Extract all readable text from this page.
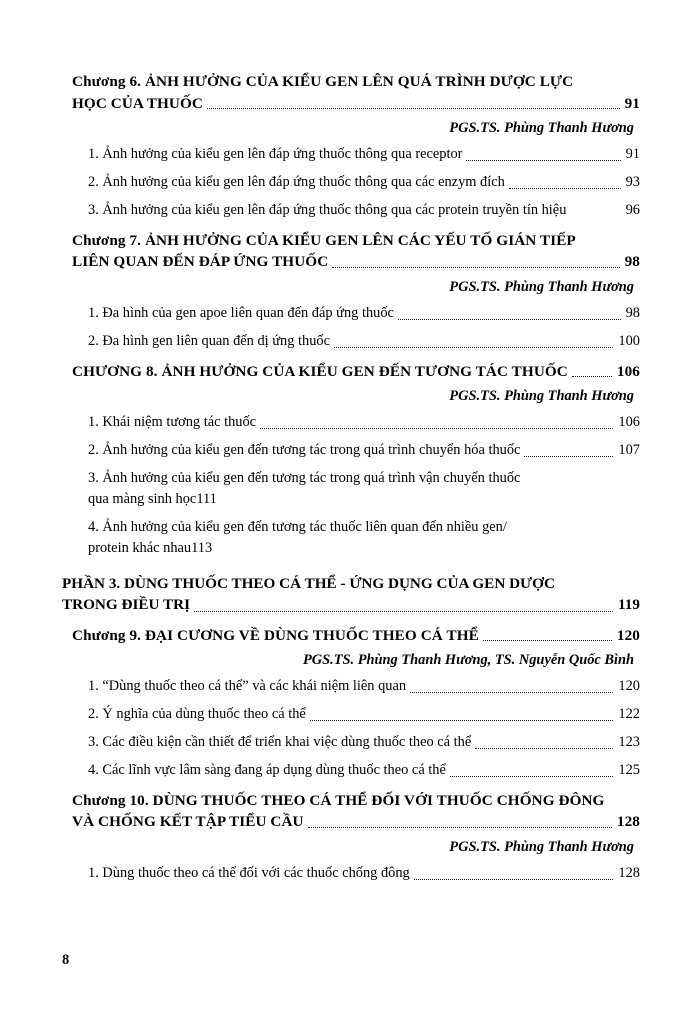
Chương 6. ẢNH HƯỞNG CỦA KIỂU GEN LÊN QUÁ TRÌNH DƯỢC LỰC
HỌC CỦA THUỐC	91
PGS.TS. Phùng Thanh Hương
1. Ảnh hưởng của kiểu gen lên đáp ứng thuốc thông qua receptor	91
2. Ảnh hưởng của kiểu gen lên đáp ứng thuốc thông qua các enzym đích	93
3. Ảnh hưởng của kiểu gen lên đáp ứng thuốc thông qua các protein truyền tín hiệu	96
Chương 7. ẢNH HƯỞNG CỦA KIỂU GEN LÊN CÁC YẾU TỐ GIÁN TIẾP
LIÊN QUAN ĐẾN ĐÁP ỨNG THUỐC	98
PGS.TS. Phùng Thanh Hương
1. Đa hình của gen apoe liên quan đến đáp ứng thuốc	98
2. Đa hình gen liên quan đến dị ứng thuốc	100
CHƯƠNG 8. ẢNH HƯỞNG CỦA KIỂU GEN ĐẾN TƯƠNG TÁC THUỐC	106
PGS.TS. Phùng Thanh Hương
1. Khái niệm tương tác thuốc	106
2. Ảnh hưởng của kiểu gen đến tương tác trong quá trình chuyển hóa thuốc	107
3. Ảnh hưởng của kiểu gen đến tương tác trong quá trình vận chuyển thuốc
qua màng sinh học 111
4. Ảnh hưởng của kiểu gen đến tương tác thuốc liên quan đến nhiều gen/
protein khác nhau 113
PHẦN 3. DÙNG THUỐC THEO CÁ THỂ - ỨNG DỤNG CỦA GEN DƯỢC
TRONG ĐIỀU TRỊ	119
Chương 9. ĐẠI CƯƠNG VỀ DÙNG THUỐC THEO CÁ THỂ	120
PGS.TS. Phùng Thanh Hương, TS. Nguyễn Quốc Bình
1. “Dùng thuốc theo cá thể” và các khái niệm liên quan	120
2. Ý nghĩa của dùng thuốc theo cá thể	122
3. Các điều kiện cần thiết để triển khai việc dùng thuốc theo cá thể	123
4. Các lĩnh vực lâm sàng đang áp dụng dùng thuốc theo cá thể	125
Chương 10. DÙNG THUỐC THEO CÁ THỂ ĐỐI VỚI THUỐC CHỐNG ĐÔNG
VÀ CHỐNG KẾT TẬP TIỂU CẦU	128
PGS.TS. Phùng Thanh Hương
1. Dùng thuốc theo cá thể đối với các thuốc chống đông	128
8
